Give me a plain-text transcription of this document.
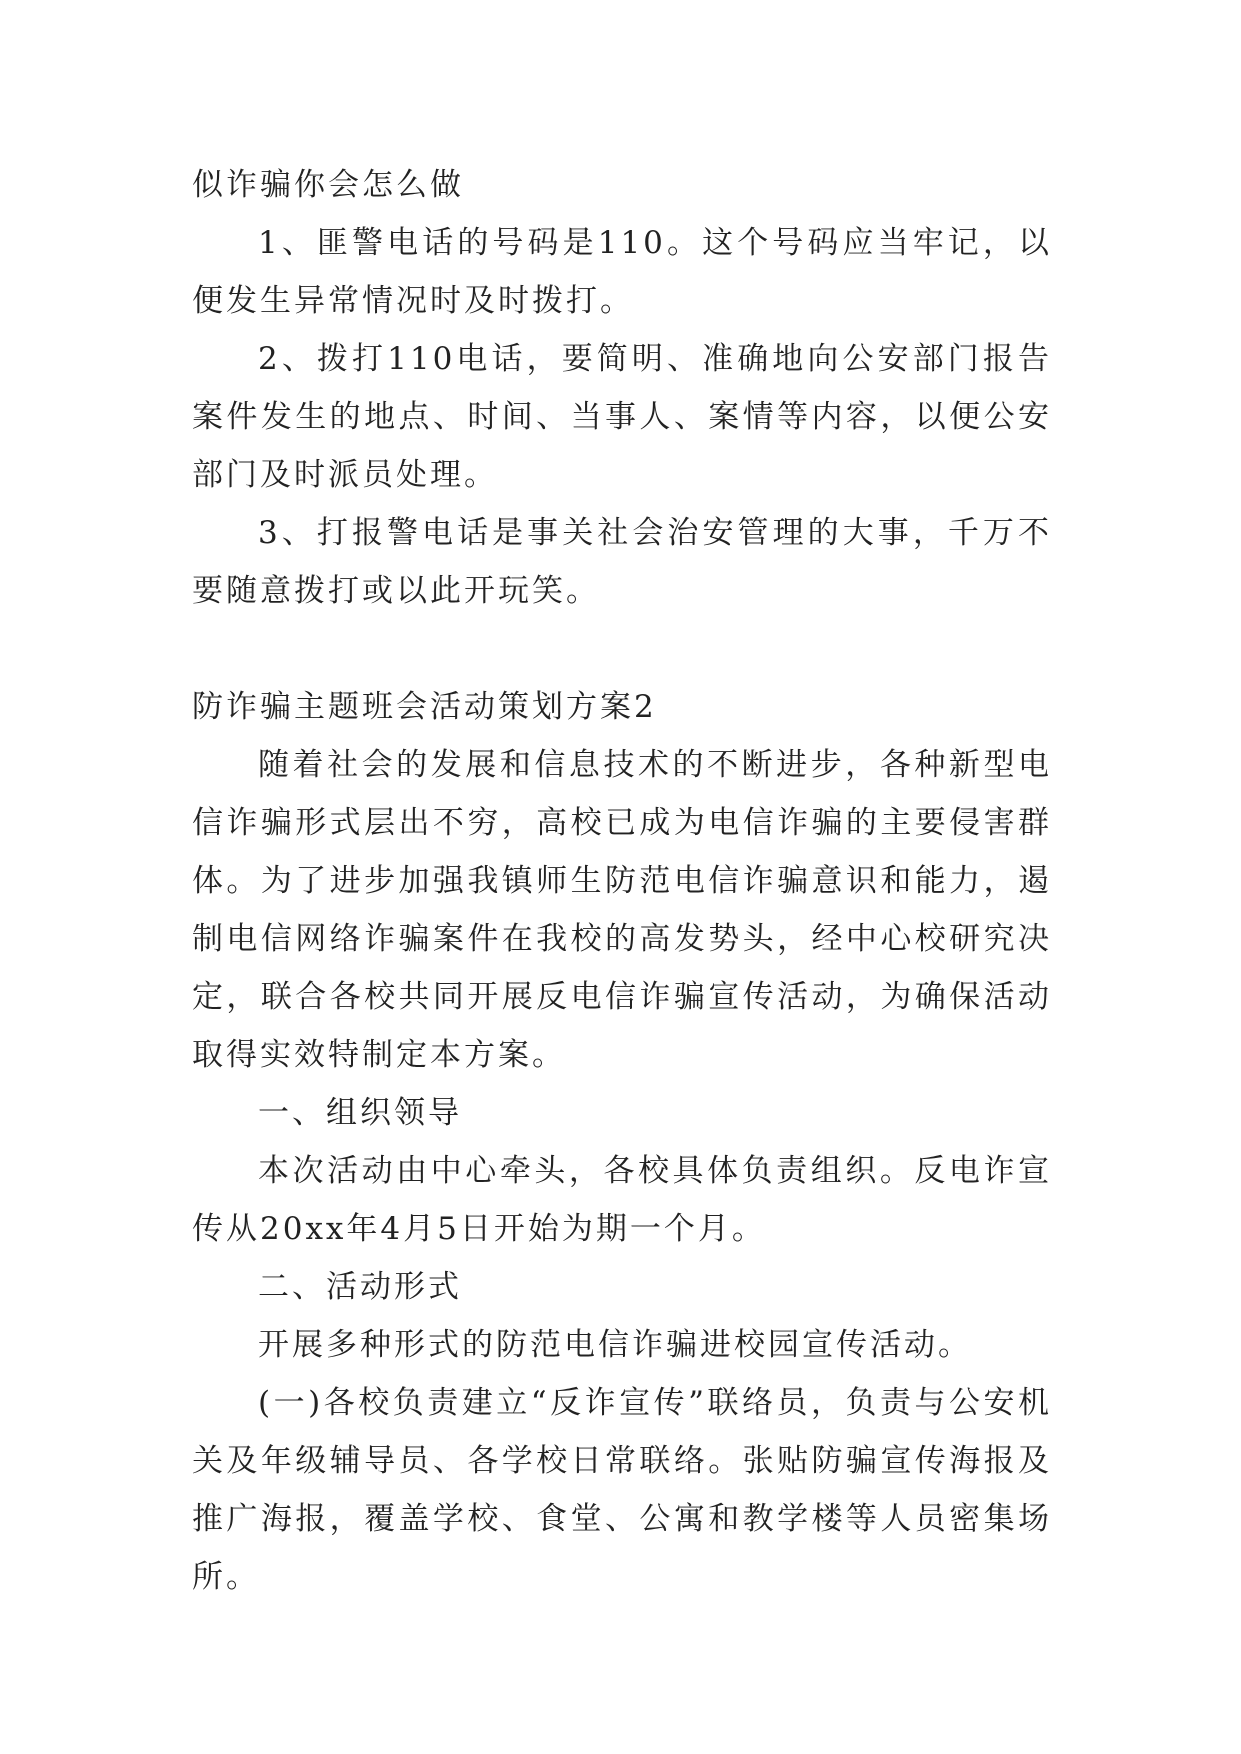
似诈骗你会怎么做

1、匪警电话的号码是110。这个号码应当牢记，以便发生异常情况时及时拨打。

2、拨打110电话，要简明、准确地向公安部门报告案件发生的地点、时间、当事人、案情等内容，以便公安部门及时派员处理。

3、打报警电话是事关社会治安管理的大事，千万不要随意拨打或以此开玩笑。

防诈骗主题班会活动策划方案2

随着社会的发展和信息技术的不断进步，各种新型电信诈骗形式层出不穷，高校已成为电信诈骗的主要侵害群体。为了进步加强我镇师生防范电信诈骗意识和能力，遏制电信网络诈骗案件在我校的高发势头，经中心校研究决定，联合各校共同开展反电信诈骗宣传活动，为确保活动取得实效特制定本方案。

一、组织领导

本次活动由中心牵头，各校具体负责组织。反电诈宣传从20xx年4月5日开始为期一个月。

二、活动形式

开展多种形式的防范电信诈骗进校园宣传活动。

(一)各校负责建立“反诈宣传”联络员，负责与公安机关及年级辅导员、各学校日常联络。张贴防骗宣传海报及推广海报，覆盖学校、食堂、公寓和教学楼等人员密集场所。
